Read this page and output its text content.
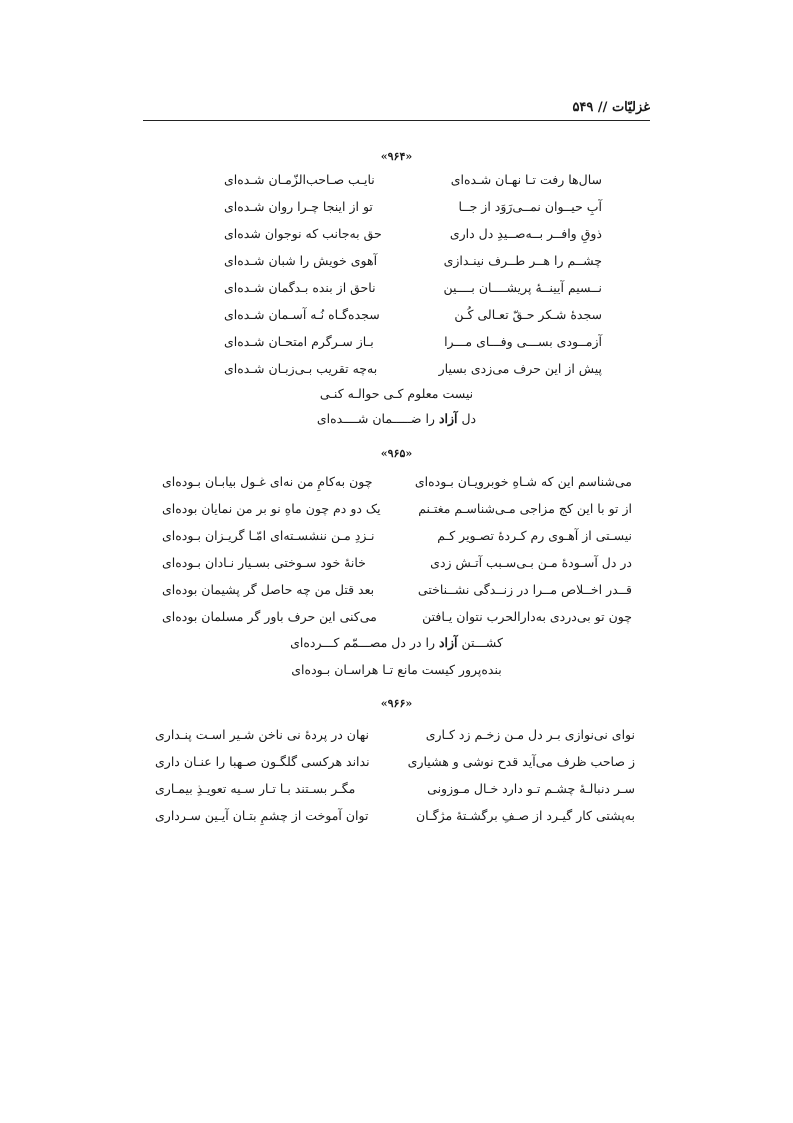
غزلیّات // ۵۴۹
«۹۶۴»
سال‌ها رفت تـا نهـان شـده‌ای
نایـب صـاحب‌الزّمـان شـده‌ای
آبِ حیــوان نمــی‌رَوَد از جــا
تو از اینجا چـرا روان شـده‌ای
ذوقِ وافــر بــه‌صــیدِ دل داری
حق به‌جانب که نوجوان شده‌ای
چشــم را هــر طــرف نینـدازی
آهوی خویش را شبان شـده‌ای
نــسیم آیینــهٔ پریشــــان بــــین
ناحق از بنده بـدگمان شـده‌ای
سجدهٔ شـکر حـقّ تعـالی کُـن
سجده‌گـاه نُـه آسـمان شـده‌ای
آزمــودی بســـی وفـــای مـــرا
بـاز سـرگرم امتحـان شـده‌ای
پیش از این حرف می‌زدی بسیار
به‌چه تقریب بـی‌زبـان شـده‌ای
نیست معلوم کـی حوالـه کنـی
دل آزاد را ضـــــمان شــــده‌ای
«۹۶۵»
می‌شناسم این که شـاهِ خوبرویـان بـوده‌ای
چون به‌کامِ من نه‌ای غـول بیابـان بـوده‌ای
از تو با این کج مزاجی مـی‌شناسـم مغتـنم
یک دو دم چون ماهِ نو بر من نمایان بوده‌ای
نیسـتی از آهـوی رم کـردهٔ تصـویر کـم
نـزدِ مـن ننشسـته‌ای امّـا گریـزان بـوده‌ای
در دل آسـودهٔ مـن بـی‌سـبب آتـش زدی
خانهٔ خود سـوختی بسـیار نـادان بـوده‌ای
قــدر اخــلاص مــرا در زنــدگی نشــناختی
بعد قتل من چه حاصل گر پشیمان بوده‌ای
چون تو بی‌دردی به‌دارالحرب نتوان یـافتن
می‌کنی این حرف باور گر مسلمان بوده‌ای
کشـــتن آزاد را در دل مصـــمّم کـــرده‌ای
بنده‌پرور کیست مانع تـا هراسـان بـوده‌ای
«۹۶۶»
نوای نی‌نوازی بـر دل مـن زخـم زد کـاری
نهان در پردهٔ نی ناخن شـیر اسـت پنـداری
ز صاحب ظرف می‌آید قدح نوشی و هشیاری
نداند هرکسی گلگـون صـهبا را عنـان داری
سـر دنبالـهٔ چشـم تـو دارد خـال مـوزونی
مگـر بسـتند بـا تـار سـیه تعویـذِ بیمـاری
به‌پشتی کار گیـرد از صـفِ برگشـتهٔ مژگـان
توان آموخت از چشمِ بتـان آیـین سـرداری
